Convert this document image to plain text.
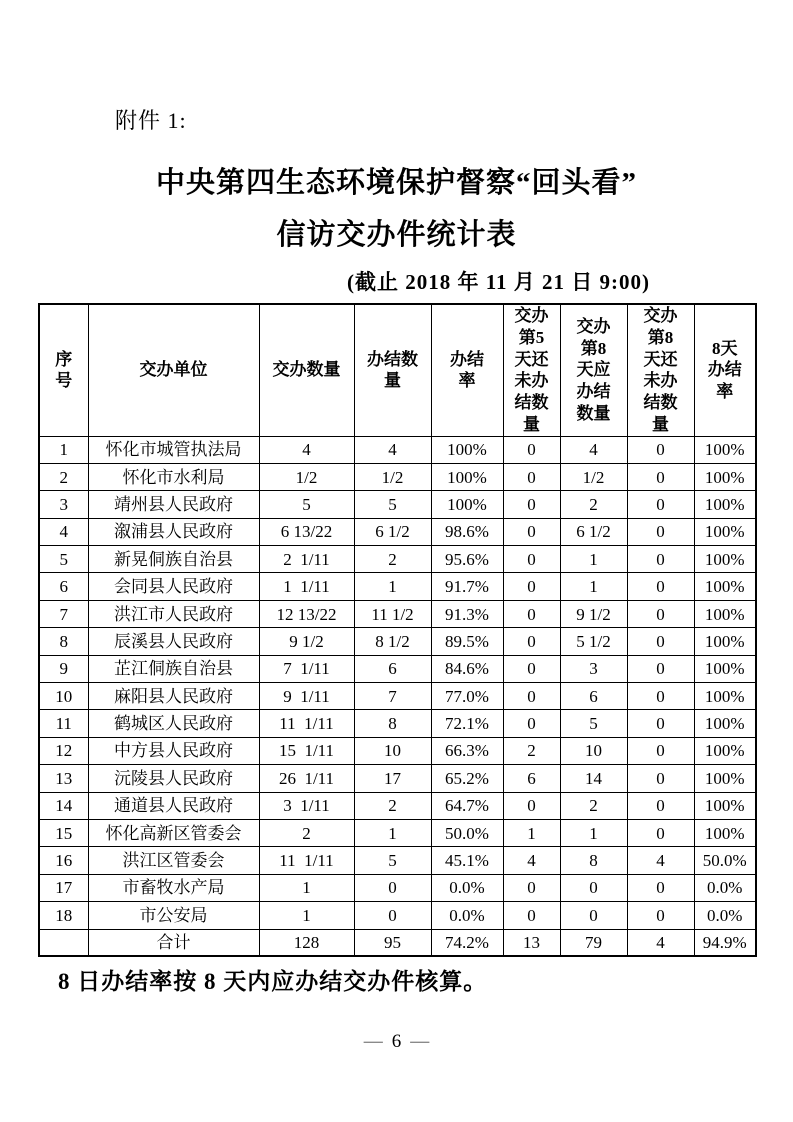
附件 1:
中央第四生态环境保护督察“回头看”
信访交办件统计表
(截止 2018 年 11 月 21 日 9:00)
序号	交办单位	交办数量	办结数量	办结率	交办第5天还未办结数量	交办第8天应办结数量	交办第8天还未办结数量	8天办结率
1	怀化市城管执法局	4	4	100%	0	4	0	100%
2	怀化市水利局	1/2	1/2	100%	0	1/2	0	100%
3	靖州县人民政府	5	5	100%	0	2	0	100%
4	溆浦县人民政府	6 13/22	6 1/2	98.6%	0	6 1/2	0	100%
5	新晃侗族自治县	2  1/11	2	95.6%	0	1	0	100%
6	会同县人民政府	1  1/11	1	91.7%	0	1	0	100%
7	洪江市人民政府	12 13/22	11 1/2	91.3%	0	9 1/2	0	100%
8	辰溪县人民政府	9 1/2	8 1/2	89.5%	0	5 1/2	0	100%
9	芷江侗族自治县	7  1/11	6	84.6%	0	3	0	100%
10	麻阳县人民政府	9  1/11	7	77.0%	0	6	0	100%
11	鹤城区人民政府	11  1/11	8	72.1%	0	5	0	100%
12	中方县人民政府	15  1/11	10	66.3%	2	10	0	100%
13	沅陵县人民政府	26  1/11	17	65.2%	6	14	0	100%
14	通道县人民政府	3  1/11	2	64.7%	0	2	0	100%
15	怀化高新区管委会	2	1	50.0%	1	1	0	100%
16	洪江区管委会	11  1/11	5	45.1%	4	8	4	50.0%
17	市畜牧水产局	1	0	0.0%	0	0	0	0.0%
18	市公安局	1	0	0.0%	0	0	0	0.0%
	合计	128	95	74.2%	13	79	4	94.9%
8 日办结率按 8 天内应办结交办件核算。
— 6 —
